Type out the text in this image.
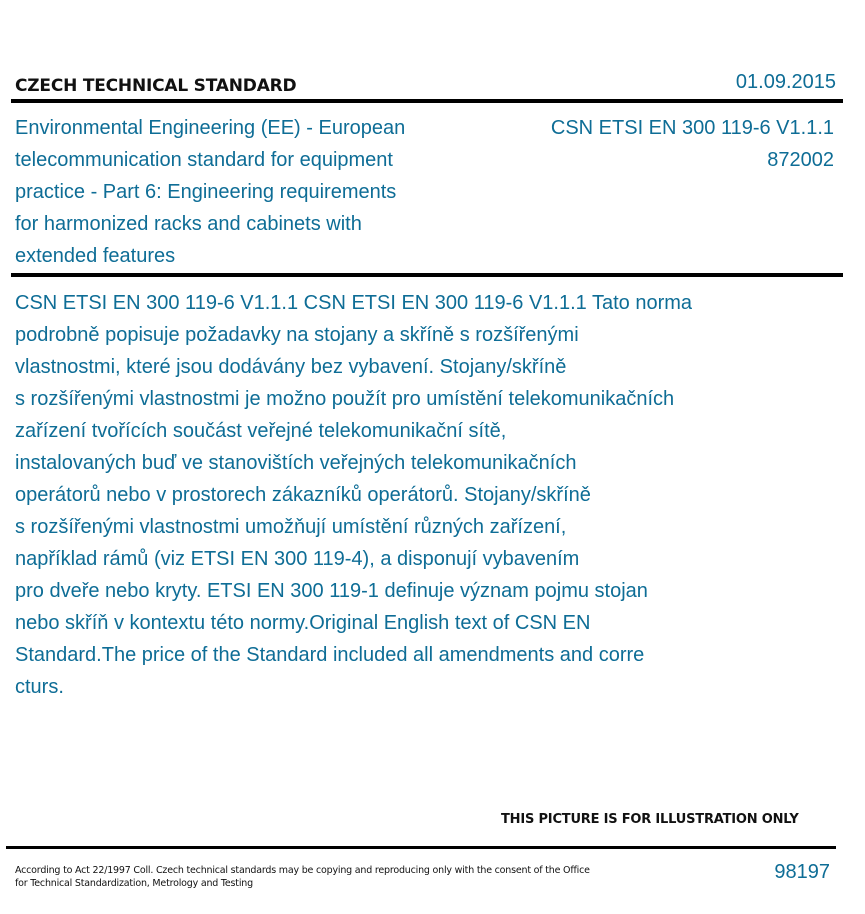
CZECH TECHNICAL STANDARD	01.09.2015
Environmental Engineering (EE) - European
telecommunication standard for equipment
practice - Part 6: Engineering requirements
for harmonized racks and cabinets with
extended features
CSN ETSI EN 300 119-6 V1.1.1
872002
CSN ETSI EN 300 119-6 V1.1.1 CSN ETSI EN 300 119-6 V1.1.1 Tato norma
podrobně popisuje požadavky na stojany a skříně s rozšířenými
vlastnostmi, které jsou dodávány bez vybavení. Stojany/skříně
s rozšířenými vlastnostmi je možno použít pro umístění telekomunikačních
zařízení tvořících součást veřejné telekomunikační sítě,
instalovaných buď ve stanovištích veřejných telekomunikačních
operátorů nebo v prostorech zákazníků operátorů. Stojany/skříně
s rozšířenými vlastnostmi umožňují umístění různých zařízení,
například rámů (viz ETSI EN 300 119-4), a disponují vybavením
pro dveře nebo kryty. ETSI EN 300 119-1 definuje význam pojmu stojan
nebo skříň v kontextu této normy.Original English text of CSN EN
Standard.The price of the Standard included all amendments and corre
cturs.
THIS PICTURE IS FOR ILLUSTRATION ONLY
According to Act 22/1997 Coll. Czech technical standards may be copying and reproducing only with the consent of the Office
for Technical Standardization, Metrology and Testing
98197
